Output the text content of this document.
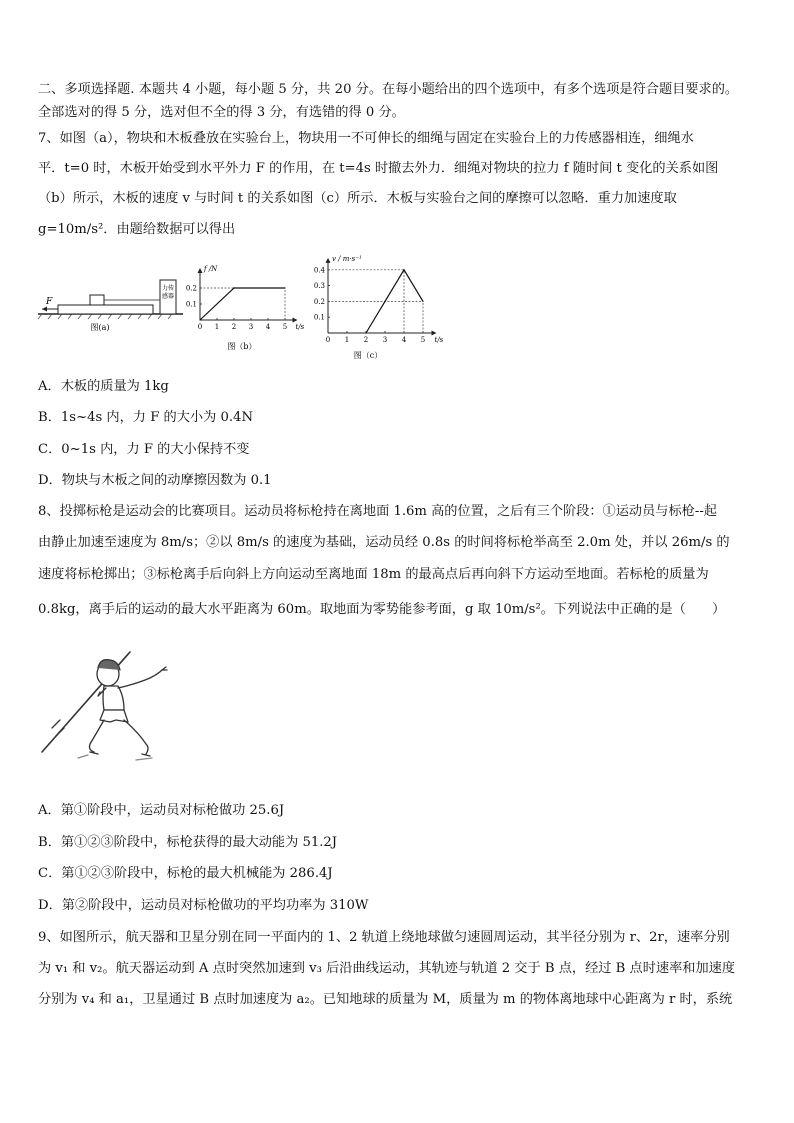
二、多项选择题. 本题共 4 小题，每小题 5 分，共 20 分。在每小题给出的四个选项中，有多个选项是符合题目要求的。
全部选对的得 5 分，选对但不全的得 3 分，有选错的得 0 分。
7、如图（a），物块和木板叠放在实验台上，物块用一不可伸长的细绳与固定在实验台上的力传感器相连，细绳水
平．t=0 时，木板开始受到水平外力 F 的作用，在 t=4s 时撤去外力．细绳对物块的拉力 f 随时间 t 变化的关系如图
（b）所示，木板的速度 v 与时间 t 的关系如图（c）所示．木板与实验台之间的摩擦可以忽略．重力加速度取
g=10m/s²．由题给数据可以得出
力传感器
F
图(a)	0 1 2 3 4 5
0.1
0.2
f /N
t/s
图（b）
0 1 2 3 4 5
0.1
0.2
0.3
0.4
v / m·s⁻¹
t/s
图（c）
A．木板的质量为 1kg
B．1s~4s 内，力 F 的大小为 0.4N
C．0~1s 内，力 F 的大小保持不变
D．物块与木板之间的动摩擦因数为 0.1
8、投掷标枪是运动会的比赛项目。运动员将标枪持在离地面 1.6m 高的位置，之后有三个阶段：①运动员与标枪--起
由静止加速至速度为 8m/s；②以 8m/s 的速度为基础，运动员经 0.8s 的时间将标枪举高至 2.0m 处，并以 26m/s 的
速度将标枪掷出；③标枪离手后向斜上方向运动至离地面 18m 的最高点后再向斜下方运动至地面。若标枪的质量为
0.8kg，离手后的运动的最大水平距离为 60m。取地面为零势能参考面，g 取 10m/s²。下列说法中正确的是（　　）
A．第①阶段中，运动员对标枪做功 25.6J
B．第①②③阶段中，标枪获得的最大动能为 51.2J
C．第①②③阶段中，标枪的最大机械能为 286.4J
D．第②阶段中，运动员对标枪做功的平均功率为 310W
9、如图所示，航天器和卫星分别在同一平面内的 1、2 轨道上绕地球做匀速圆周运动，其半径分别为 r、2r，速率分别
为 v₁ 和 v₂。航天器运动到 A 点时突然加速到 v₃ 后沿曲线运动，其轨迹与轨道 2 交于 B 点，经过 B 点时速率和加速度
分别为 v₄ 和 a₁，卫星通过 B 点时加速度为 a₂。已知地球的质量为 M，质量为 m 的物体离地球中心距离为 r 时，系统
